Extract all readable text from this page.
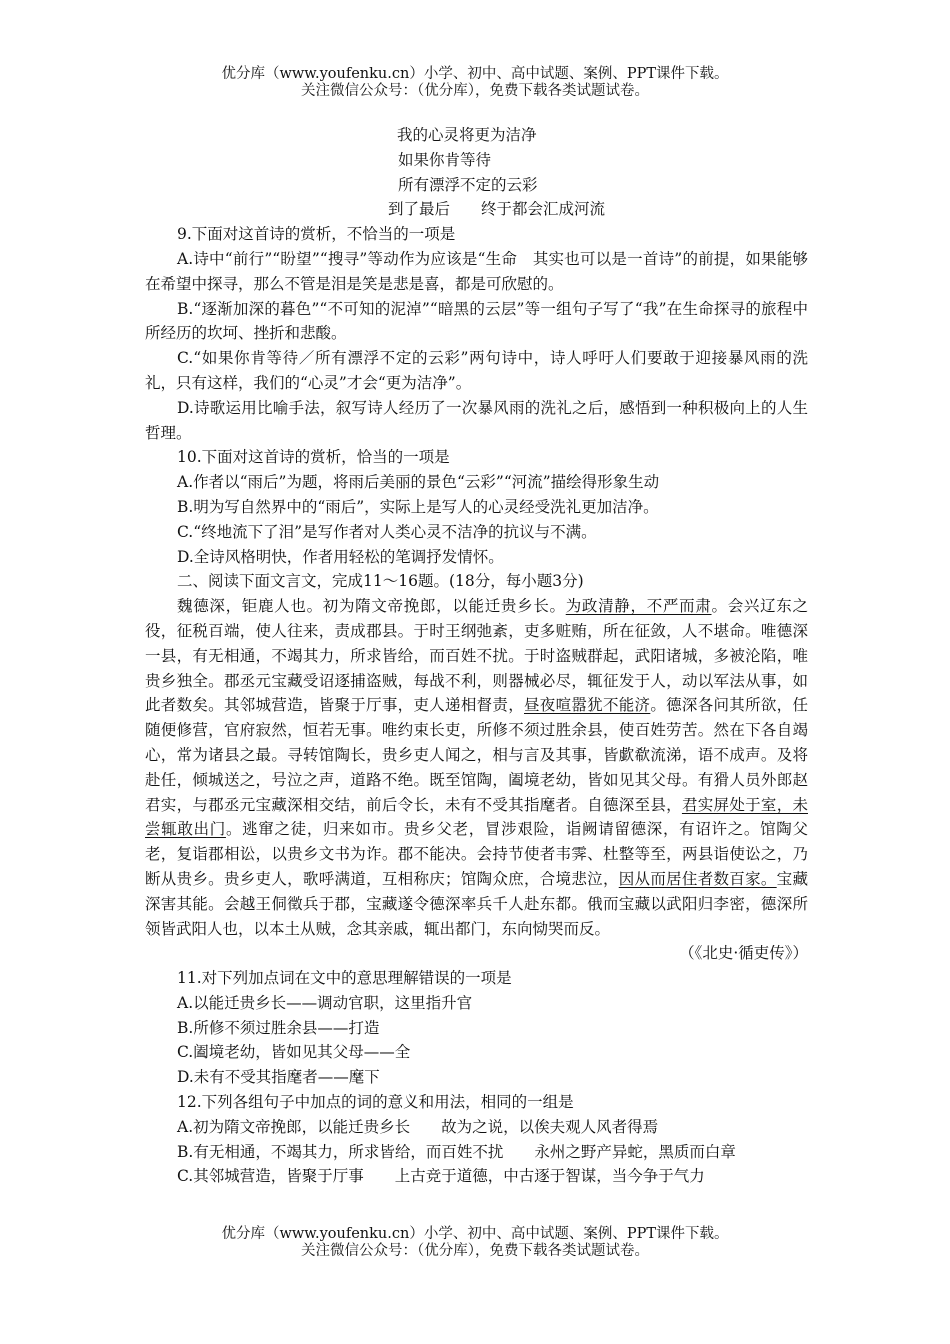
优分库（www.youfenku.cn）小学、初中、高中试题、案例、PPT课件下载。
关注微信公众号：（优分库），免费下载各类试题试卷。
我的心灵将更为洁净
如果你肯等待
所有漂浮不定的云彩
到了最后　　终于都会汇成河流

9.下面对这首诗的赏析，不恰当的一项是

A.诗中“前行”“盼望”“搜寻”等动作为应该是“生命　其实也可以是一首诗”的前提，如果能够在希望中探寻，那么不管是泪是笑是悲是喜，都是可欣慰的。

B.“逐渐加深的暮色”“不可知的泥淖”“暗黑的云层”等一组句子写了“我”在生命探寻的旅程中所经历的坎坷、挫折和悲酸。

C.“如果你肯等待／所有漂浮不定的云彩”两句诗中，诗人呼吁人们要敢于迎接暴风雨的洗礼，只有这样，我们的“心灵”才会“更为洁净”。

D.诗歌运用比喻手法，叙写诗人经历了一次暴风雨的洗礼之后，感悟到一种积极向上的人生哲理。

10.下面对这首诗的赏析，恰当的一项是

A.作者以“雨后”为题，将雨后美丽的景色“云彩”“河流”描绘得形象生动

B.明为写自然界中的“雨后”，实际上是写人的心灵经受洗礼更加洁净。

C.“终地流下了泪”是写作者对人类心灵不洁净的抗议与不满。

D.全诗风格明快，作者用轻松的笔调抒发情怀。

二、阅读下面文言文，完成11～16题。(18分，每小题3分)

魏德深，钜鹿人也。初为隋文帝挽郎，以能迁贵乡长。为政清静，不严而肃。会兴辽东之役，征税百端，使人往来，责成郡县。于时王纲弛紊，吏多赃贿，所在征敛，人不堪命。唯德深一县，有无相通，不竭其力，所求皆给，而百姓不扰。于时盗贼群起，武阳诸城，多被沦陷，唯贵乡独全。郡丞元宝藏受诏逐捕盗贼，每战不利，则器械必尽，辄征发于人，动以军法从事，如此者数矣。其邻城营造，皆聚于厅事，吏人递相督责，昼夜喧嚣犹不能济。德深各问其所欲，任随便修营，官府寂然，恒若无事。唯约束长吏，所修不须过胜余县，使百姓劳苦。然在下各自竭心，常为诸县之最。寻转馆陶长，贵乡吏人闻之，相与言及其事，皆歔欷流涕，语不成声。及将赴任，倾城送之，号泣之声，道路不绝。既至馆陶，阖境老幼，皆如见其父母。有猾人员外郎赵君实，与郡丞元宝藏深相交结，前后令长，未有不受其指麾者。自德深至县，君实屏处于室，未尝辄敢出门。逃窜之徒，归来如市。贵乡父老，冒涉艰险，诣阙请留德深，有诏许之。馆陶父老，复诣郡相讼，以贵乡文书为诈。郡不能决。会持节使者韦霁、杜整等至，两县诣使讼之，乃断从贵乡。贵乡吏人，歌呼满道，互相称庆；馆陶众庶，合境悲泣，因从而居住者数百家。宝藏深害其能。会越王侗徵兵于郡，宝藏遂令德深率兵千人赴东都。俄而宝藏以武阳归李密，德深所领皆武阳人也，以本土从贼，念其亲戚，辄出都门，东向恸哭而反。

（《北史·循吏传》）

11.对下列加点词在文中的意思理解错误的一项是

A.以能迁贵乡长——调动官职，这里指升官

B.所修不须过胜余县——打造

C.阖境老幼，皆如见其父母——全

D.未有不受其指麾者——麾下

12.下列各组句子中加点的词的意义和用法，相同的一组是

A.初为隋文帝挽郎，以能迁贵乡长　　 故为之说，以俟夫观人风者得焉

B.有无相通，不竭其力，所求皆给，而百姓不扰　　 永州之野产异蛇，黑质而白章

C.其邻城营造，皆聚于厅事　　 上古竞于道德，中古逐于智谋，当今争于气力

优分库（www.youfenku.cn）小学、初中、高中试题、案例、PPT课件下载。
关注微信公众号：（优分库），免费下载各类试题试卷。
